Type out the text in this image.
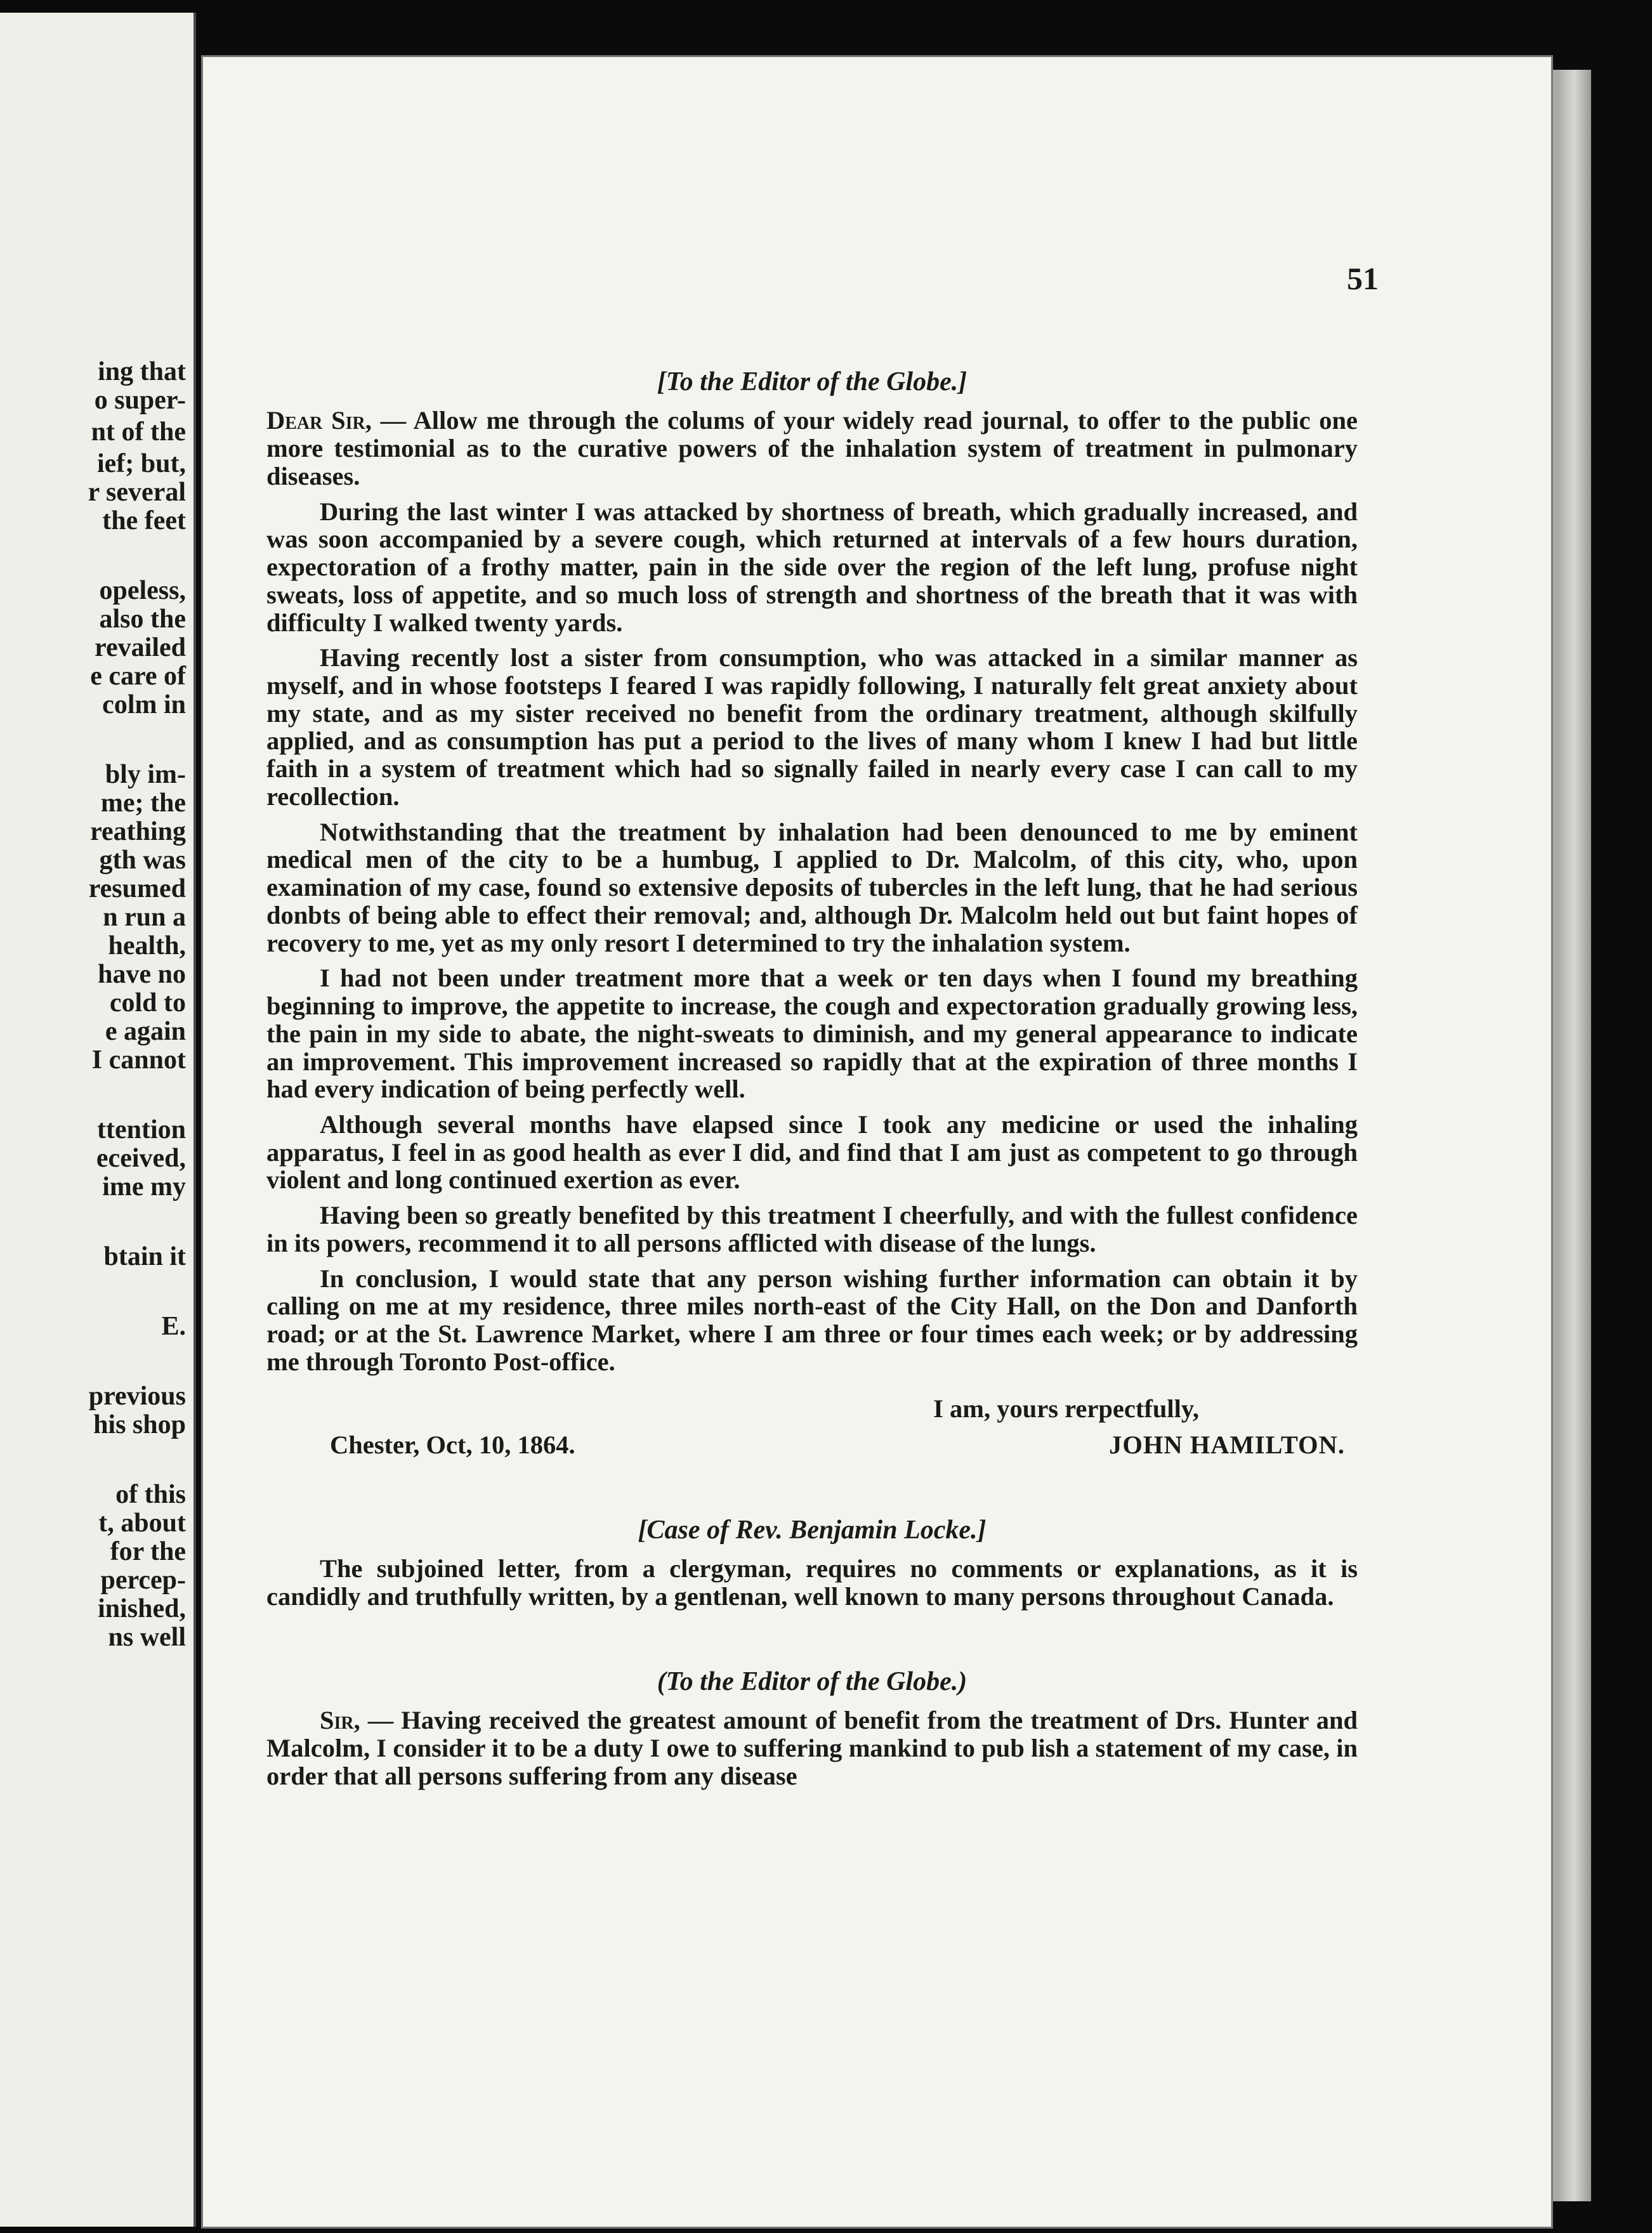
ing that
o super-
nt of the
ief; but,
r several
the feet
opeless,
also the
revailed
e care of
colm in
bly im-
me; the
reathing
gth was
resumed
n run a
health,
have no
cold to
e again
I cannot
ttention
eceived,
ime my
btain it
E.
previous
his shop
of this
t, about
for the
percep-
inished,
ns well

51

[To the Editor of the Globe.]

Dear Sir, — Allow me through the colums of your widely read journal, to offer to the public one more testimonial as to the curative powers of the inhalation system of treatment in pulmonary diseases.

During the last winter I was attacked by shortness of breath, which gradually increased, and was soon accompanied by a severe cough, which returned at intervals of a few hours duration, expectoration of a frothy matter, pain in the side over the region of the left lung, profuse night sweats, loss of appetite, and so much loss of strength and shortness of the breath that it was with difficulty I walked twenty yards.

Having recently lost a sister from consumption, who was attacked in a similar manner as myself, and in whose footsteps I feared I was rapidly following, I naturally felt great anxiety about my state, and as my sister received no benefit from the ordinary treatment, although skilfully applied, and as consumption has put a period to the lives of many whom I knew I had but little faith in a system of treatment which had so signally failed in nearly every case I can call to my recollection.

Notwithstanding that the treatment by inhalation had been denounced to me by eminent medical men of the city to be a humbug, I applied to Dr. Malcolm, of this city, who, upon examination of my case, found so extensive deposits of tubercles in the left lung, that he had serious donbts of being able to effect their removal; and, although Dr. Malcolm held out but faint hopes of recovery to me, yet as my only resort I determined to try the inhalation system.

I had not been under treatment more that a week or ten days when I found my breathing beginning to improve, the appetite to increase, the cough and expectoration gradually growing less, the pain in my side to abate, the night-sweats to diminish, and my general appearance to indicate an improvement. This improvement increased so rapidly that at the expiration of three months I had every indication of being perfectly well.

Although several months have elapsed since I took any medicine or used the inhaling apparatus, I feel in as good health as ever I did, and find that I am just as competent to go through violent and long continued exertion as ever.

Having been so greatly benefited by this treatment I cheerfully, and with the fullest confidence in its powers, recommend it to all persons afflicted with disease of the lungs.

In conclusion, I would state that any person wishing further information can obtain it by calling on me at my residence, three miles north-east of the City Hall, on the Don and Danforth road; or at the St. Lawrence Market, where I am three or four times each week; or by addressing me through Toronto Post-office.

I am, yours rerpectfully,

Chester, Oct, 10, 1864.	JOHN HAMILTON.

[Case of Rev. Benjamin Locke.]

The subjoined letter, from a clergyman, requires no comments or explanations, as it is candidly and truthfully written, by a gentlenan, well known to many persons throughout Canada.

(To the Editor of the Globe.)

Sir, — Having received the greatest amount of benefit from the treatment of Drs. Hunter and Malcolm, I consider it to be a duty I owe to suffering mankind to pub lish a statement of my case, in order that all persons suffering from any disease
